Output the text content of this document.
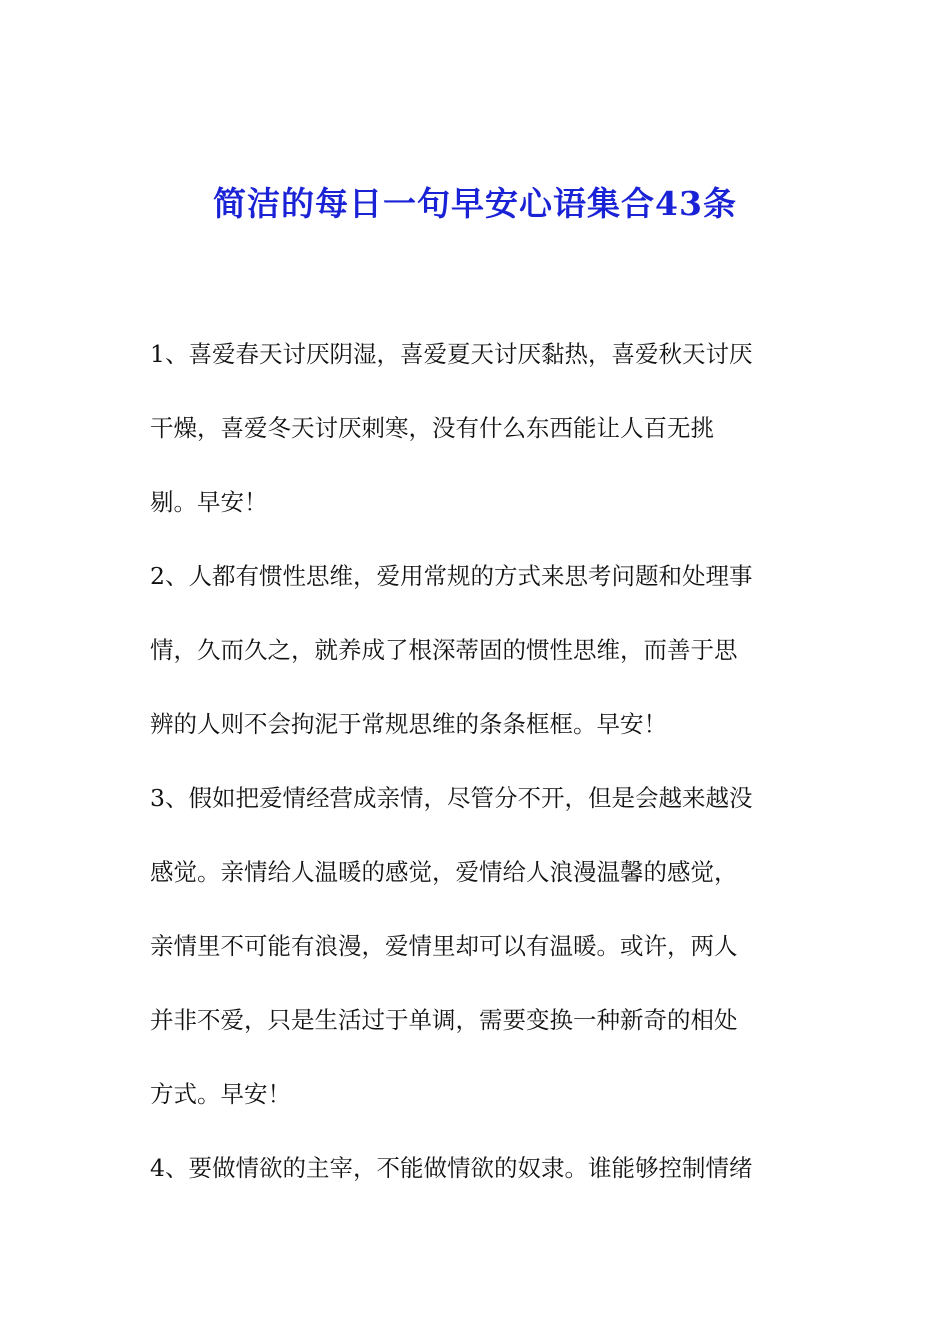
简洁的每日一句早安心语集合43条
1、喜爱春天讨厌阴湿，喜爱夏天讨厌黏热，喜爱秋天讨厌
干燥，喜爱冬天讨厌刺寒，没有什么东西能让人百无挑
剔。早安！
2、人都有惯性思维，爱用常规的方式来思考问题和处理事
情，久而久之，就养成了根深蒂固的惯性思维，而善于思
辨的人则不会拘泥于常规思维的条条框框。早安！
3、假如把爱情经营成亲情，尽管分不开，但是会越来越没
感觉。亲情给人温暖的感觉，爱情给人浪漫温馨的感觉，
亲情里不可能有浪漫，爱情里却可以有温暖。或许，两人
并非不爱，只是生活过于单调，需要变换一种新奇的相处
方式。早安！
4、要做情欲的主宰，不能做情欲的奴隶。谁能够控制情绪
